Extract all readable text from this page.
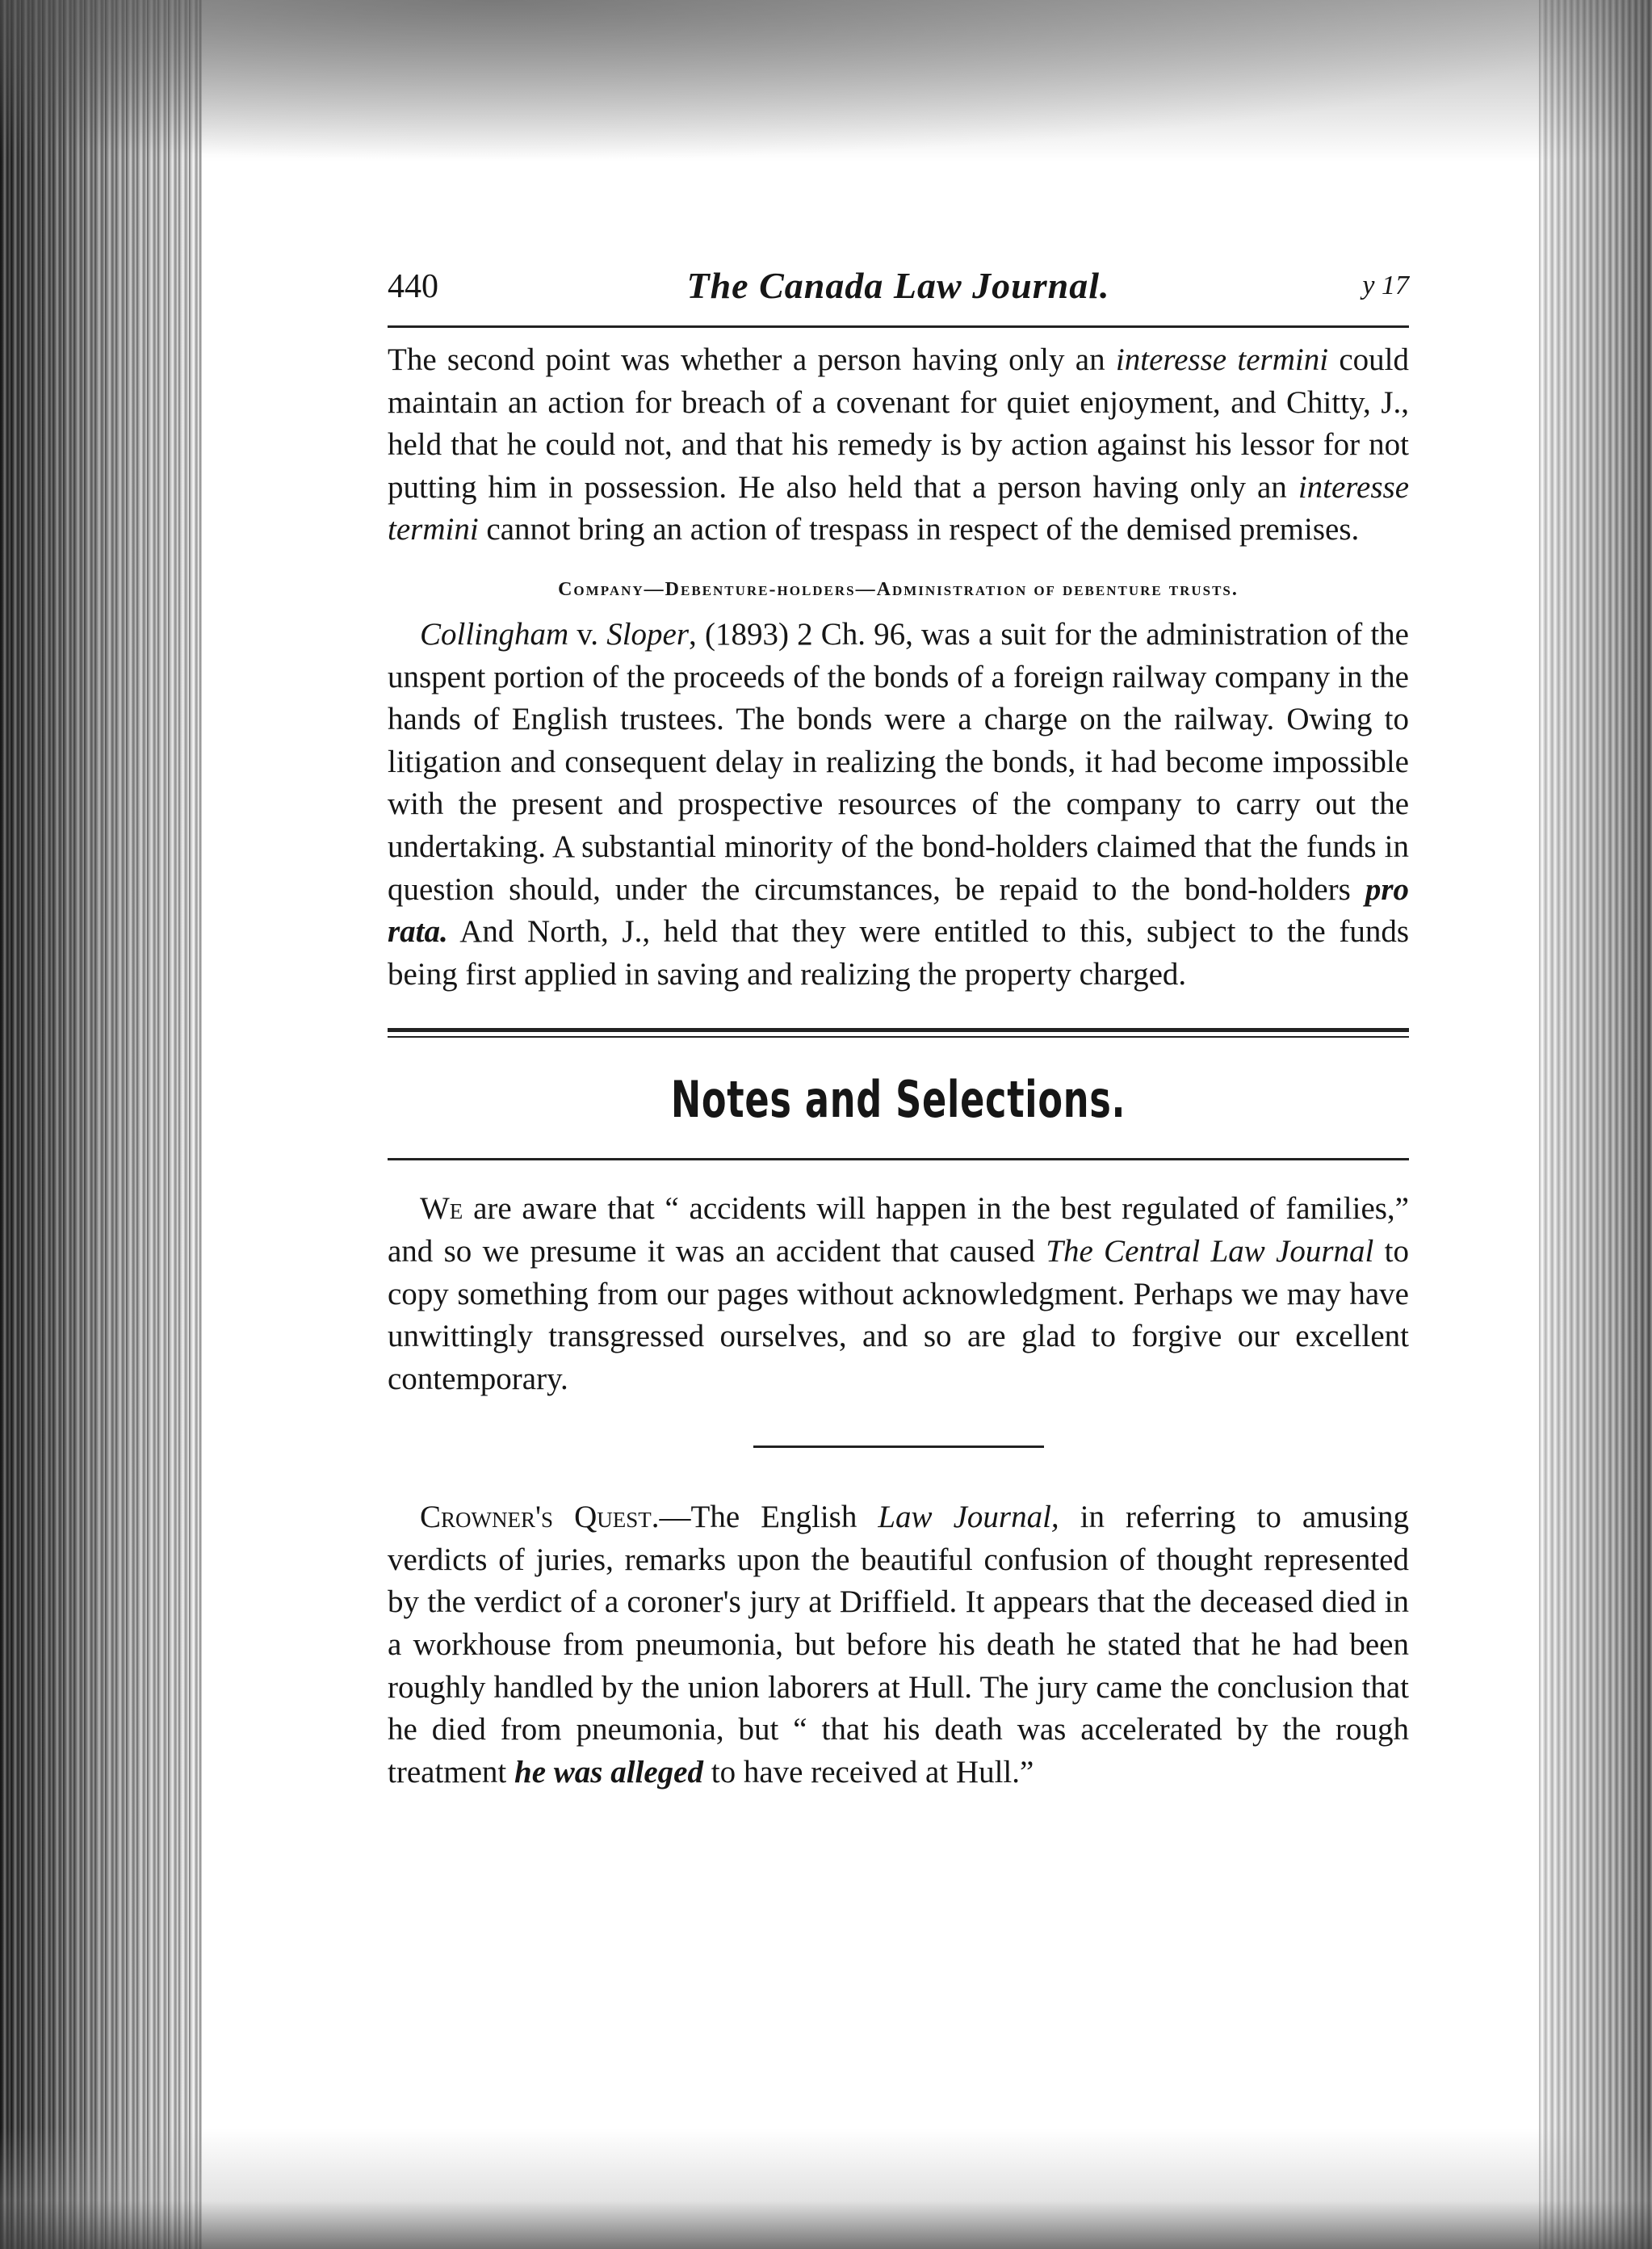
440	The Canada Law Journal.	y 17

The second point was whether a person having only an interesse termini could maintain an action for breach of a covenant for quiet enjoyment, and Chitty, J., held that he could not, and that his remedy is by action against his lessor for not putting him in possession. He also held that a person having only an interesse termini cannot bring an action of trespass in respect of the demised premises.

Company—Debenture-holders—Administration of debenture trusts.

Collingham v. Sloper, (1893) 2 Ch. 96, was a suit for the administration of the unspent portion of the proceeds of the bonds of a foreign railway company in the hands of English trustees. The bonds were a charge on the railway. Owing to litigation and consequent delay in realizing the bonds, it had become impossible with the present and prospective resources of the company to carry out the undertaking. A substantial minority of the bond-holders claimed that the funds in question should, under the circumstances, be repaid to the bond-holders pro rata. And North, J., held that they were entitled to this, subject to the funds being first applied in saving and realizing the property charged.

Notes and Selections.

We are aware that “ accidents will happen in the best regulated of families,” and so we presume it was an accident that caused The Central Law Journal to copy something from our pages without acknowledgment. Perhaps we may have unwittingly transgressed ourselves, and so are glad to forgive our excellent contemporary.

Crowner's Quest.—The English Law Journal, in referring to amusing verdicts of juries, remarks upon the beautiful confusion of thought represented by the verdict of a coroner's jury at Driffield. It appears that the deceased died in a workhouse from pneumonia, but before his death he stated that he had been roughly handled by the union laborers at Hull. The jury came the conclusion that he died from pneumonia, but “ that his death was accelerated by the rough treatment he was alleged to have received at Hull.”
